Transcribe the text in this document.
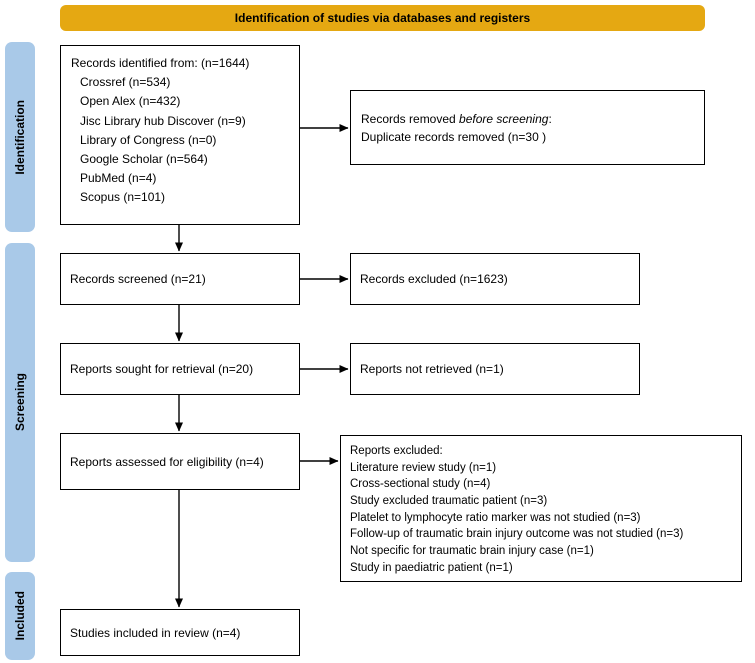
Identification of studies via databases and registers
Identification
Screening
Included
Records identified from: (n=1644)
Crossref (n=534)
Open Alex (n=432)
Jisc Library hub Discover (n=9)
Library of Congress (n=0)
Google Scholar (n=564)
PubMed (n=4)
Scopus (n=101)
Records removed before screening:
Duplicate records removed (n=30 )
Records screened (n=21)	Records excluded (n=1623)
Reports sought for retrieval (n=20)	Reports not retrieved (n=1)
Reports assessed for eligibility (n=4)
Reports excluded:
Literature review study (n=1)
Cross-sectional study (n=4)
Study excluded traumatic patient (n=3)
Platelet to lymphocyte ratio marker was not studied (n=3)
Follow-up of traumatic brain injury outcome was not studied (n=3)
Not specific for traumatic brain injury case (n=1)
Study in paediatric patient (n=1)
Studies included in review (n=4)
